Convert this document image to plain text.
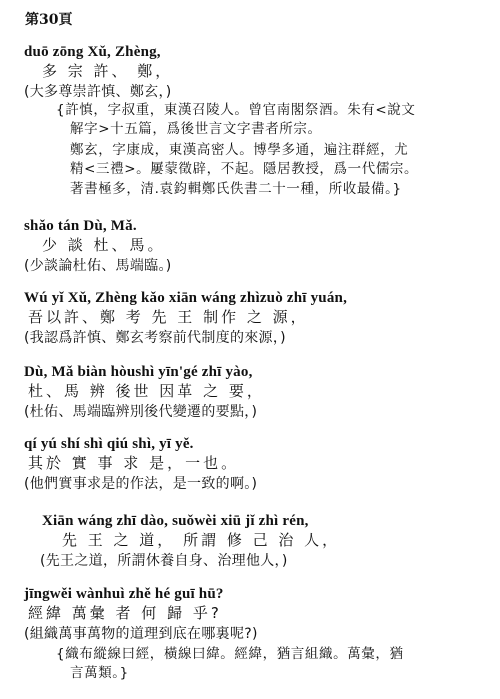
第30頁
duō zōng Xǔ, Zhèng,
多 宗 許、 鄭，
(大多尊崇許慎、鄭玄，)
{許慎，字叔重，東漢召陵人。曾官南閣祭酒。朱有<說文
解字>十五篇，爲後世言文字書者所宗。
鄭玄，字康成，東漢高密人。博學多通，遍注群經，尤
精<三禮>。屢蒙徵辟，不起。隱居教授，爲一代儒宗。
著書極多，清.袁鈞輯鄭氏佚書二十一種，所收最備。}
shǎo tán Dù, Mǎ.
少 談 杜、馬。
(少談論杜佑、馬端臨。)
Wú yǐ Xǔ, Zhèng kǎo xiān wáng zhìzuò zhī yuán,
吾以許、鄭 考 先 王 制作 之 源，
(我認爲許慎、鄭玄考察前代制度的來源，)
Dù, Mǎ biàn hòushì yīn'gé zhī yào,
杜、馬 辨 後世 因革 之 要，
(杜佑、馬端臨辨別後代變遷的要點，)
qí yú shí shì qiú shì, yī yě.
其於 實 事 求 是，一也。
(他們實事求是的作法，是一致的啊。)
Xiān wáng zhī dào, suǒwèi xiū jǐ zhì rén,
先 王 之 道， 所謂 修 己 治 人，
(先王之道，所謂休養自身、治理他人，)
jīngwěi wànhuì zhě hé guī hū?
經緯 萬彙 者 何 歸 乎?
(組織萬事萬物的道理到底在哪裏呢?)
{織布縱線曰經，橫線曰緯。經緯，猶言組織。萬彙，猶
言萬類。}
